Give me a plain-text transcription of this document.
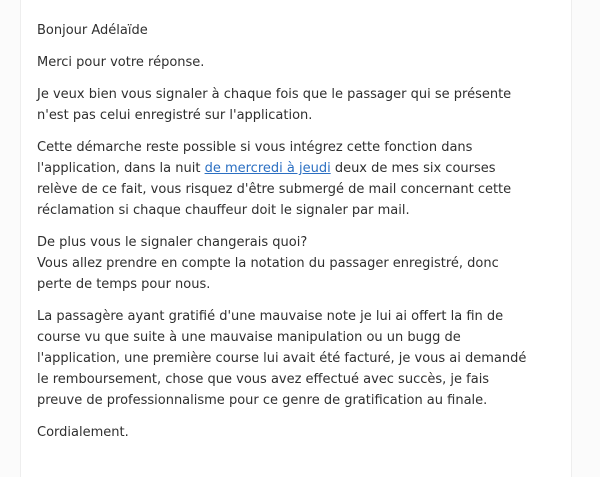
Bonjour Adélaïde

Merci pour votre réponse.

Je veux bien vous signaler à chaque fois que le passager qui se présente
n'est pas celui enregistré sur l'application.

Cette démarche reste possible si vous intégrez cette fonction dans
l'application, dans la nuit de mercredi à jeudi deux de mes six courses
relève de ce fait, vous risquez d'être submergé de mail concernant cette
réclamation si chaque chauffeur doit le signaler par mail.

De plus vous le signaler changerais quoi?
Vous allez prendre en compte la notation du passager enregistré, donc
perte de temps pour nous.

La passagère ayant gratifié d'une mauvaise note je lui ai offert la fin de
course vu que suite à une mauvaise manipulation ou un bugg de
l'application, une première course lui avait été facturé, je vous ai demandé
le remboursement, chose que vous avez effectué avec succès, je fais
preuve de professionnalisme pour ce genre de gratification au finale.

Cordialement.
